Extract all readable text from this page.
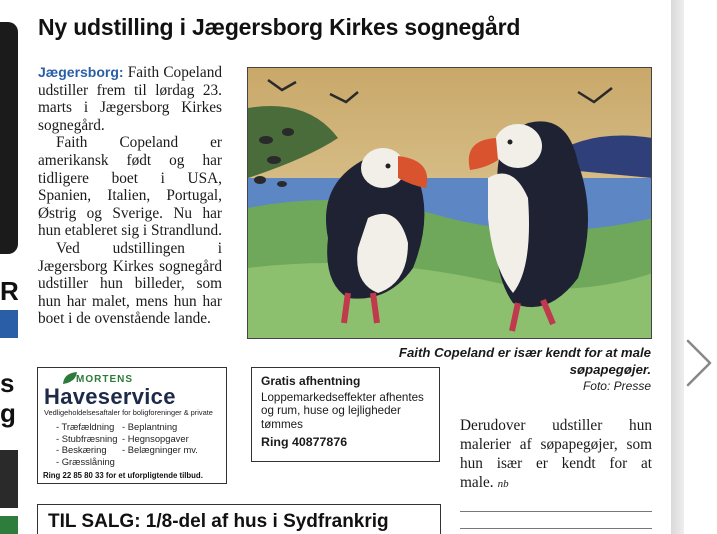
R
s
g
Ny udstilling i Jægersborg Kirkes sognegård

Jægersborg: Faith Copeland udstiller frem til lørdag 23. marts i Jægersborg Kirkes sognegård.

Faith Copeland er amerikansk født og har tidligere boet i USA, Spanien, Italien, Portugal, Østrig og Sverige. Nu har hun etableret sig i Strandlund.

Ved udstillingen i Jægersborg Kirkes sognegård udstiller hun billeder, som hun har malet, mens hun har boet i de ovenstående lande.

Faith Copeland er især kendt for at male søpapegøjer.
Foto: Presse
Derudover udstiller hun malerier af søpapegøjer, som hun især er kendt for at male. nb
MORTENS
Haveservice
Vedligeholdelsesaftaler for boligforeninger & private
- Træfældning - Beplantning
- Stubfræsning - Hegnsopgaver
- Beskæring	- Belægninger mv.
- Græsslåning
Ring 22 85 80 33 for et uforpligtende tilbud.
Gratis afhentning
Loppemarkedseffekter afhentes og rum, huse og lejligheder tømmes
Ring 40877876
TIL SALG: 1/8-del af hus i Sydfrankrig
